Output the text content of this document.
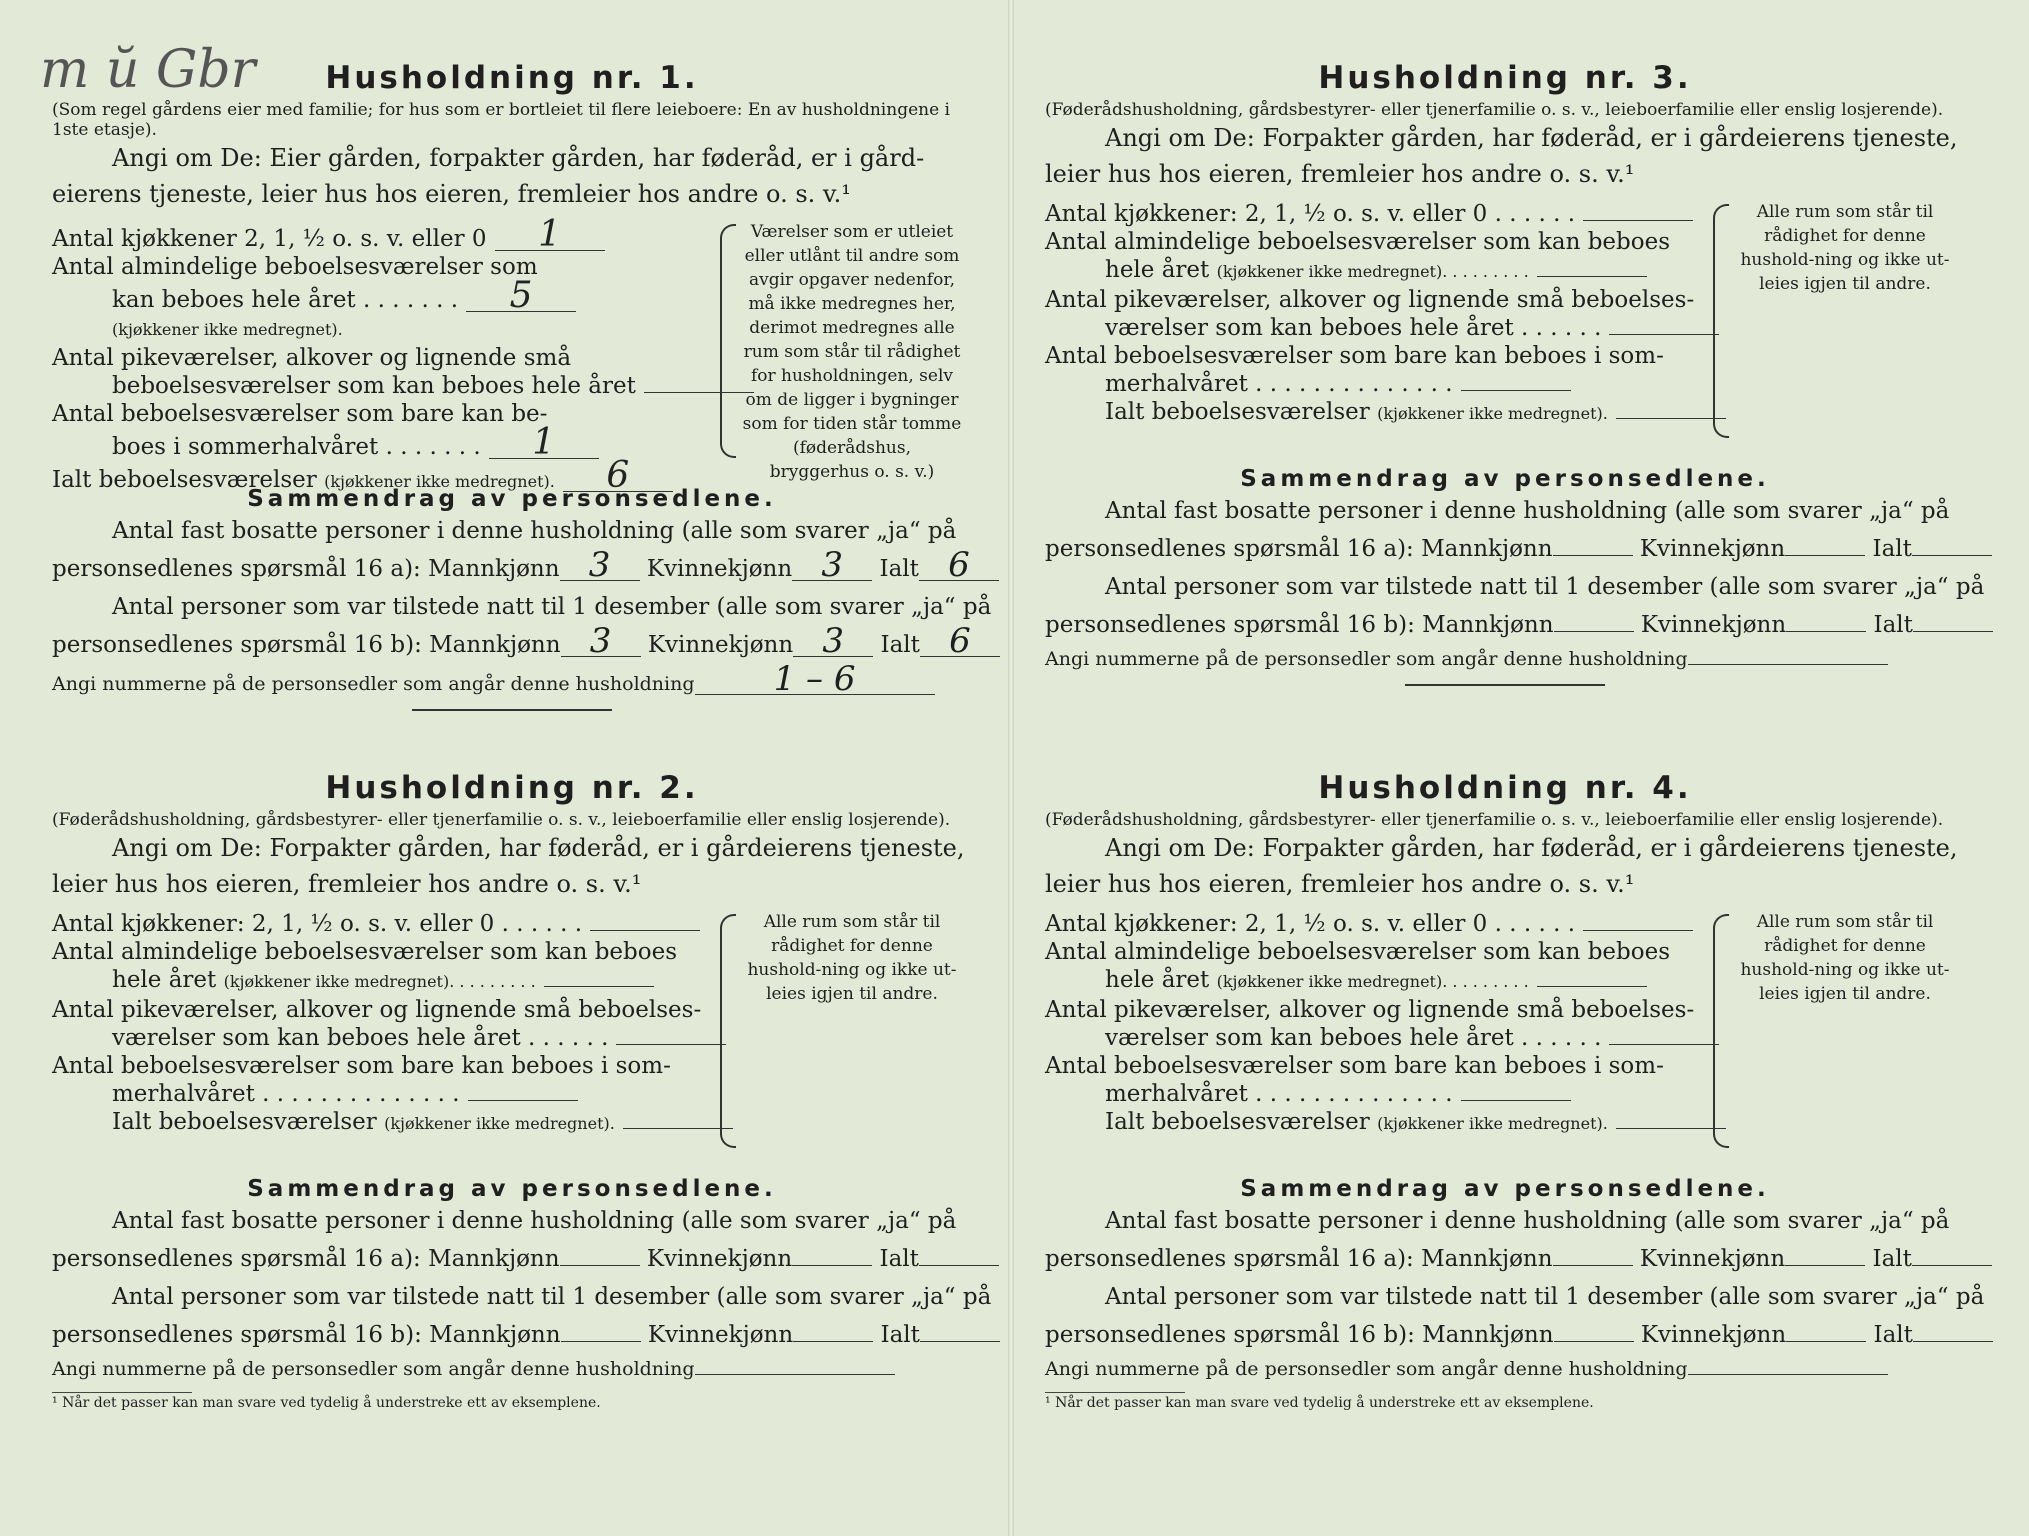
m ŭ Gbr	Husholdning nr. 1.

(Som regel gårdens eier med familie; for hus som er bortleiet til flere leieboere: En av husholdningene i 1ste etasje).

Angi om De: Eier gården, forpakter gården, har føderåd, er i gård-
eierens tjeneste, leier hus hos eieren, fremleier hos andre o. s. v.¹
Antal kjøkkener 2, 1, ½ o. s. v. eller 0 1
Antal almindelige beboelsesværelser som
kan beboes hele året . . . . . . . 5
(kjøkkener ikke medregnet).
Antal pikeværelser, alkover og lignende små
beboelsesværelser som kan beboes hele året
Antal beboelsesværelser som bare kan be-
boes i sommerhalvåret . . . . . . . 1
Ialt beboelsesværelser (kjøkkener ikke medregnet). 6
Værelser som er utleiet eller utlånt til andre som avgir opgaver nedenfor, må ikke medregnes her, derimot medregnes alle rum som står til rådighet for husholdningen, selv om de ligger i bygninger som for tiden står tomme (føderådshus, bryggerhus o. s. v.)
Sammendrag av personsedlene.
Antal fast bosatte personer i denne husholdning (alle som svarer „ja“ på
personsedlenes spørsmål 16 a): Mannkjønn 3 Kvinnekjønn 3 Ialt 6
Antal personer som var tilstede natt til 1 desember (alle som svarer „ja“ på
personsedlenes spørsmål 16 b): Mannkjønn 3 Kvinnekjønn 3 Ialt 6
Angi nummerne på de personsedler som angår denne husholdning 1 – 6
Husholdning nr. 2.

(Føderådshusholdning, gårdsbestyrer- eller tjenerfamilie o. s. v., leieboerfamilie eller enslig losjerende).

Angi om De: Forpakter gården, har føderåd, er i gårdeierens tjeneste,
leier hus hos eieren, fremleier hos andre o. s. v.¹
Antal kjøkkener: 2, 1, ½ o. s. v. eller 0 . . . . . .
Antal almindelige beboelsesværelser som kan beboes
hele året (kjøkkener ikke medregnet). . . . . . . . .
Antal pikeværelser, alkover og lignende små beboelses-
værelser som kan beboes hele året . . . . . .
Antal beboelsesværelser som bare kan beboes i som-
merhalvåret . . . . . . . . . . . . . .
Ialt beboelsesværelser (kjøkkener ikke medregnet).
Alle rum som står til rådighet for denne hushold-ning og ikke ut-leies igjen til andre.
Sammendrag av personsedlene.
Antal fast bosatte personer i denne husholdning (alle som svarer „ja“ på
personsedlenes spørsmål 16 a): Mannkjønn	Kvinnekjønn	Ialt
Antal personer som var tilstede natt til 1 desember (alle som svarer „ja“ på
personsedlenes spørsmål 16 b): Mannkjønn	Kvinnekjønn	Ialt
Angi nummerne på de personsedler som angår denne husholdning
¹ Når det passer kan man svare ved tydelig å understreke ett av eksemplene.
Husholdning nr. 3.

(Føderådshusholdning, gårdsbestyrer- eller tjenerfamilie o. s. v., leieboerfamilie eller enslig losjerende).

Angi om De: Forpakter gården, har føderåd, er i gårdeierens tjeneste,
leier hus hos eieren, fremleier hos andre o. s. v.¹
Antal kjøkkener: 2, 1, ½ o. s. v. eller 0 . . . . . .
Antal almindelige beboelsesværelser som kan beboes
hele året (kjøkkener ikke medregnet). . . . . . . . .
Antal pikeværelser, alkover og lignende små beboelses-
værelser som kan beboes hele året . . . . . .
Antal beboelsesværelser som bare kan beboes i som-
merhalvåret . . . . . . . . . . . . . .
Ialt beboelsesværelser (kjøkkener ikke medregnet).
Alle rum som står til rådighet for denne hushold-ning og ikke ut-leies igjen til andre.
Sammendrag av personsedlene.
Antal fast bosatte personer i denne husholdning (alle som svarer „ja“ på
personsedlenes spørsmål 16 a): Mannkjønn	Kvinnekjønn	Ialt
Antal personer som var tilstede natt til 1 desember (alle som svarer „ja“ på
personsedlenes spørsmål 16 b): Mannkjønn	Kvinnekjønn	Ialt
Angi nummerne på de personsedler som angår denne husholdning
Husholdning nr. 4.

(Føderådshusholdning, gårdsbestyrer- eller tjenerfamilie o. s. v., leieboerfamilie eller enslig losjerende).

Angi om De: Forpakter gården, har føderåd, er i gårdeierens tjeneste,
leier hus hos eieren, fremleier hos andre o. s. v.¹
Antal kjøkkener: 2, 1, ½ o. s. v. eller 0 . . . . . .
Antal almindelige beboelsesværelser som kan beboes
hele året (kjøkkener ikke medregnet). . . . . . . . .
Antal pikeværelser, alkover og lignende små beboelses-
værelser som kan beboes hele året . . . . . .
Antal beboelsesværelser som bare kan beboes i som-
merhalvåret . . . . . . . . . . . . . .
Ialt beboelsesværelser (kjøkkener ikke medregnet).
Alle rum som står til rådighet for denne hushold-ning og ikke ut-leies igjen til andre.
Sammendrag av personsedlene.
Antal fast bosatte personer i denne husholdning (alle som svarer „ja“ på
personsedlenes spørsmål 16 a): Mannkjønn	Kvinnekjønn	Ialt
Antal personer som var tilstede natt til 1 desember (alle som svarer „ja“ på
personsedlenes spørsmål 16 b): Mannkjønn	Kvinnekjønn	Ialt
Angi nummerne på de personsedler som angår denne husholdning
¹ Når det passer kan man svare ved tydelig å understreke ett av eksemplene.
